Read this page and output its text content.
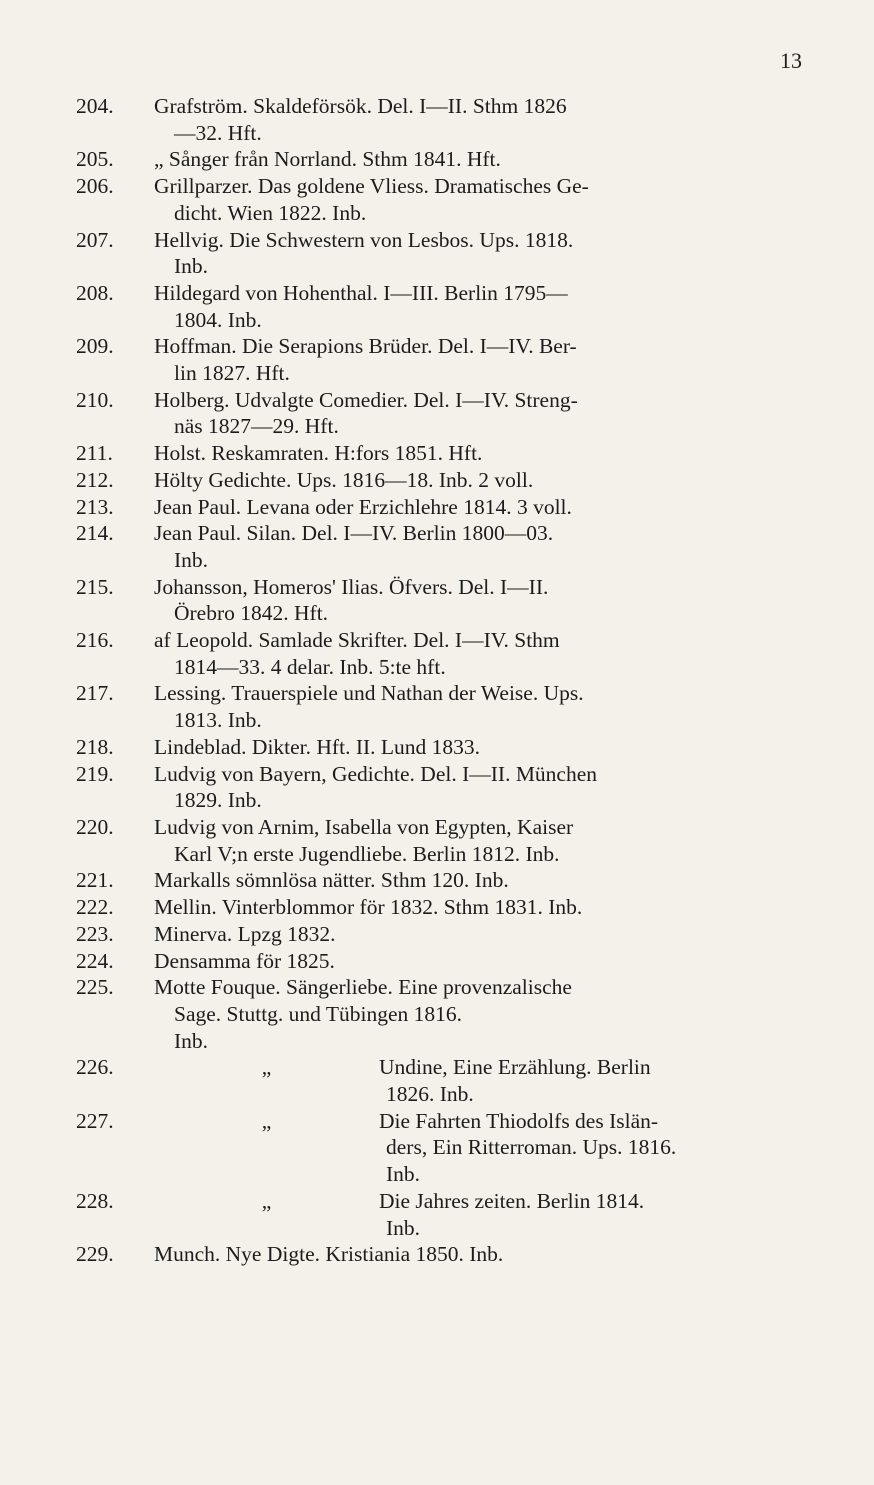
13
204.	Grafström. Skaldeförsök. Del. I—II. Sthm 1826
—32. Hft.
205.	„ Sånger från Norrland. Sthm 1841. Hft.
206.	Grillparzer. Das goldene Vliess. Dramatisches Ge-
dicht. Wien 1822. Inb.
207.	Hellvig. Die Schwestern von Lesbos. Ups. 1818.
Inb.
208.	Hildegard von Hohenthal. I—III. Berlin 1795—
1804. Inb.
209.	Hoffman. Die Serapions Brüder. Del. I—IV. Ber-
lin 1827. Hft.
210.	Holberg. Udvalgte Comedier. Del. I—IV. Streng-
näs 1827—29. Hft.
211.	Holst. Reskamraten. H:fors 1851. Hft.
212.	Hölty Gedichte. Ups. 1816—18. Inb. 2 voll.
213.	Jean Paul. Levana oder Erzichlehre 1814. 3 voll.
214.	Jean Paul. Silan. Del. I—IV. Berlin 1800—03.
Inb.
215.	Johansson, Homeros' Ilias. Öfvers. Del. I—II.
Örebro 1842. Hft.
216.	af Leopold. Samlade Skrifter. Del. I—IV. Sthm
1814—33. 4 delar. Inb. 5:te hft.
217.	Lessing. Trauerspiele und Nathan der Weise. Ups.
1813. Inb.
218.	Lindeblad. Dikter. Hft. II. Lund 1833.
219.	Ludvig von Bayern, Gedichte. Del. I—II. München
1829. Inb.
220.	Ludvig von Arnim, Isabella von Egypten, Kaiser
Karl V;n erste Jugendliebe. Berlin 1812. Inb.
221.	Markalls sömnlösa nätter. Sthm 120. Inb.
222.	Mellin. Vinterblommor för 1832. Sthm 1831. Inb.
223.	Minerva. Lpzg 1832.
224.	Densamma för 1825.
225.	Motte Fouque. Sängerliebe. Eine provenzalische
Sage. Stuttg. und Tübingen 1816.
Inb.
226.	„	Undine, Eine Erzählung. Berlin
1826. Inb.
227.	„	Die Fahrten Thiodolfs des Islän-
ders, Ein Ritterroman. Ups. 1816.
Inb.
228.	„	Die Jahres zeiten. Berlin 1814.
Inb.
229.	Munch. Nye Digte. Kristiania 1850. Inb.
